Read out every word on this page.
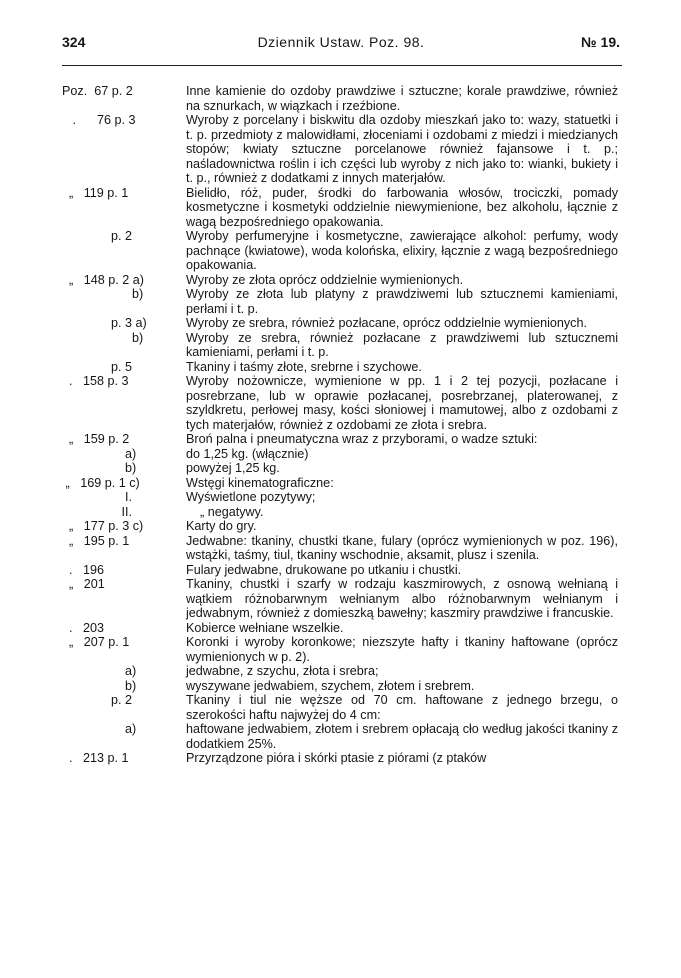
324	Dziennik Ustaw. Poz. 98.	№ 19.
Poz.  67 p. 2	Inne kamienie do ozdoby prawdziwe i sztuczne; korale prawdziwe, również na sznurkach, w wiązkach i rzeźbione.
.      76 p. 3	Wyroby z porcelany i biskwitu dla ozdoby mieszkań jako to: wazy, statuetki i t. p. przedmioty z malowidłami, złoceniami i ozdobami z miedzi i miedzianych stopów; kwiaty sztuczne porcelanowe również fajansowe i t. p.; naśladownictwa roślin i ich części lub wyroby z nich jako to: wianki, bukiety i t. p., również z dodatkami z innych materjałów.
„   119 p. 1	Bielidło, róż, puder, środki do farbowania włosów, trociczki, pomady kosmetyczne i kosmetyki oddzielnie niewymienione, bez alkoholu, łącznie z wagą bezpośredniego opakowania.
p. 2	Wyroby perfumeryjne i kosmetyczne, zawierające alkohol: perfumy, wody pachnące (kwiatowe), woda kolońska, elixiry, łącznie z wagą bezpośredniego opakowania.
„   148 p. 2 a)	Wyroby ze złota oprócz oddzielnie wymienionych.
b)	Wyroby ze złota lub platyny z prawdziwemi lub sztucznemi kamieniami, perłami i t. p.
p. 3 a)	Wyroby ze srebra, również pozłacane, oprócz oddzielnie wymienionych.
b)	Wyroby ze srebra, również pozłacane z prawdziwemi lub sztucznemi kamieniami, perłami i t. p.
p. 5	Tkaniny i taśmy złote, srebrne i szychowe.
.   158 p. 3	Wyroby nożownicze, wymienione w pp. 1 i 2 tej pozycji, pozłacane i posrebrzane, lub w oprawie pozłacanej, posrebrzanej, platerowanej, z szyldkretu, perłowej masy, kości słoniowej i mamutowej, albo z ozdobami z tych materjałów, również z ozdobami ze złota i srebra.
„   159 p. 2	Broń palna i pneumatyczna wraz z przyborami, o wadze sztuki:
a)	do 1,25 kg. (włącznie)
b)	powyżej 1,25 kg.
„   169 p. 1 c)	Wstęgi kinematograficzne:
I.	Wyświetlone pozytywy;
II.	„ negatywy.
„   177 p. 3 c)	Karty do gry.
„   195 p. 1	Jedwabne: tkaniny, chustki tkane, fulary (oprócz wymienionych w poz. 196), wstążki, taśmy, tiul, tkaniny wschodnie, aksamit, plusz i szenila.
.   196	Fulary jedwabne, drukowane po utkaniu i chustki.
„   201	Tkaniny, chustki i szarfy w rodzaju kaszmirowych, z osnową wełnianą i wątkiem różnobarwnym wełnianym albo różnobarwnym wełnianym i jedwabnym, również z domieszką bawełny; kaszmiry prawdziwe i francuskie.
.   203	Kobierce wełniane wszelkie.
„   207 p. 1	Koronki i wyroby koronkowe; niezszyte hafty i tkaniny haftowane (oprócz wymienionych w p. 2).
a)	jedwabne, z szychu, złota i srebra;
b)	wyszywane jedwabiem, szychem, złotem i srebrem.
p. 2	Tkaniny i tiul nie węższe od 70 cm. haftowane z jednego brzegu, o szerokości haftu najwyżej do 4 cm:
a)	haftowane jedwabiem, złotem i srebrem opłacają cło według jakości tkaniny z dodatkiem 25%.
.   213 p. 1	Przyrządzone pióra i skórki ptasie z piórami (z ptaków
